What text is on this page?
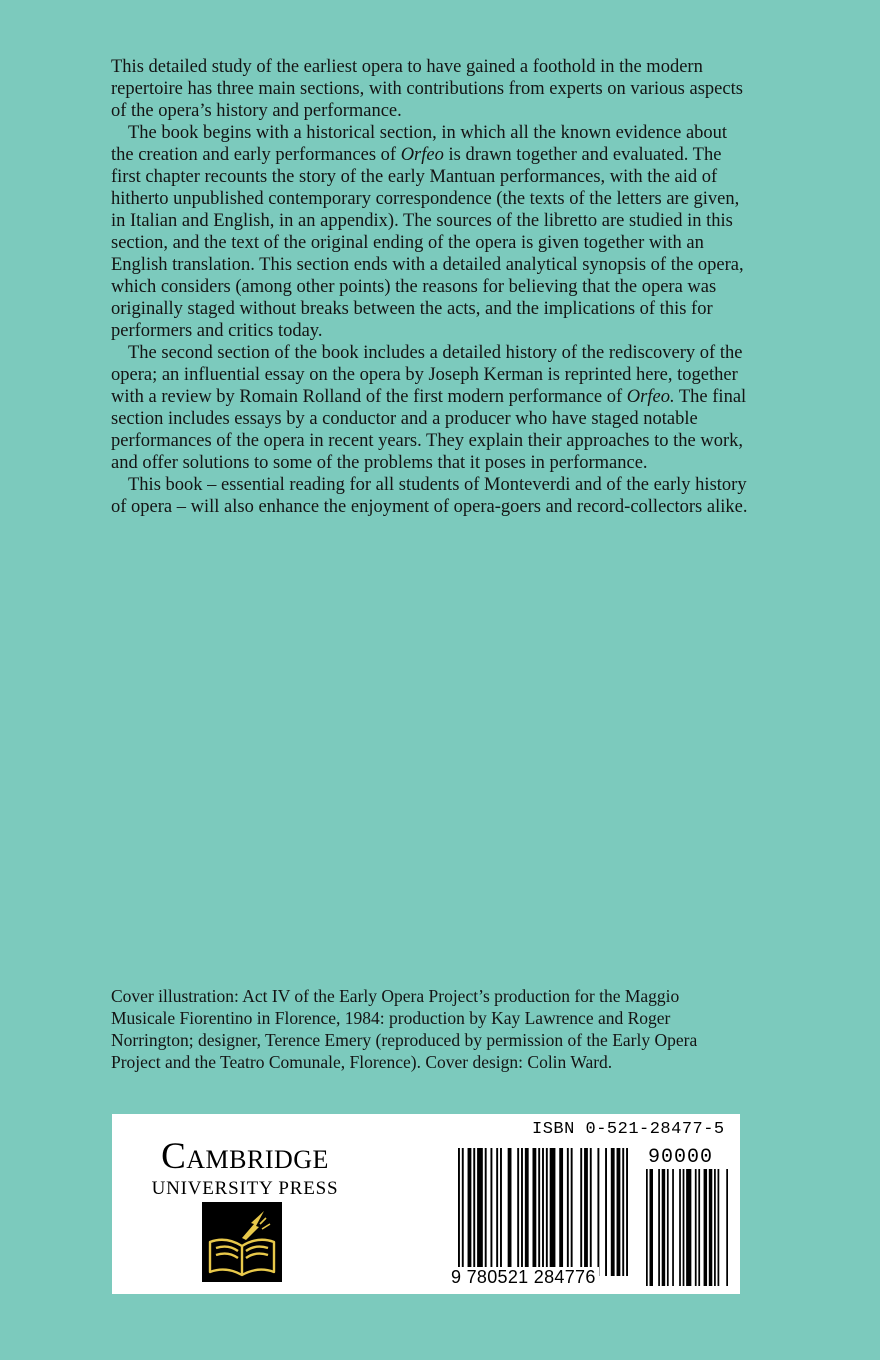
This detailed study of the earliest opera to have gained a foothold in the modern repertoire has three main sections, with contributions from experts on various aspects of the opera’s history and performance.

The book begins with a historical section, in which all the known evidence about the creation and early performances of Orfeo is drawn together and evaluated. The first chapter recounts the story of the early Mantuan performances, with the aid of hitherto unpublished contemporary correspondence (the texts of the letters are given, in Italian and English, in an appendix). The sources of the libretto are studied in this section, and the text of the original ending of the opera is given together with an English translation. This section ends with a detailed analytical synopsis of the opera, which considers (among other points) the reasons for believing that the opera was originally staged without breaks between the acts, and the implications of this for performers and critics today.

The second section of the book includes a detailed history of the rediscovery of the opera; an influential essay on the opera by Joseph Kerman is reprinted here, together with a review by Romain Rolland of the first modern performance of Orfeo. The final section includes essays by a conductor and a producer who have staged notable performances of the opera in recent years. They explain their approaches to the work, and offer solutions to some of the problems that it poses in performance.

This book – essential reading for all students of Monteverdi and of the early history of opera – will also enhance the enjoyment of opera-goers and record-collectors alike.

Cover illustration: Act IV of the Early Opera Project’s production for the Maggio Musicale Fiorentino in Florence, 1984: production by Kay Lawrence and Roger Norrington; designer, Terence Emery (reproduced by permission of the Early Opera Project and the Teatro Comunale, Florence). Cover design: Colin Ward.
Cambridge
UNIVERSITY PRESS
ISBN 0-521-28477-5
90000
9 780521 284776
